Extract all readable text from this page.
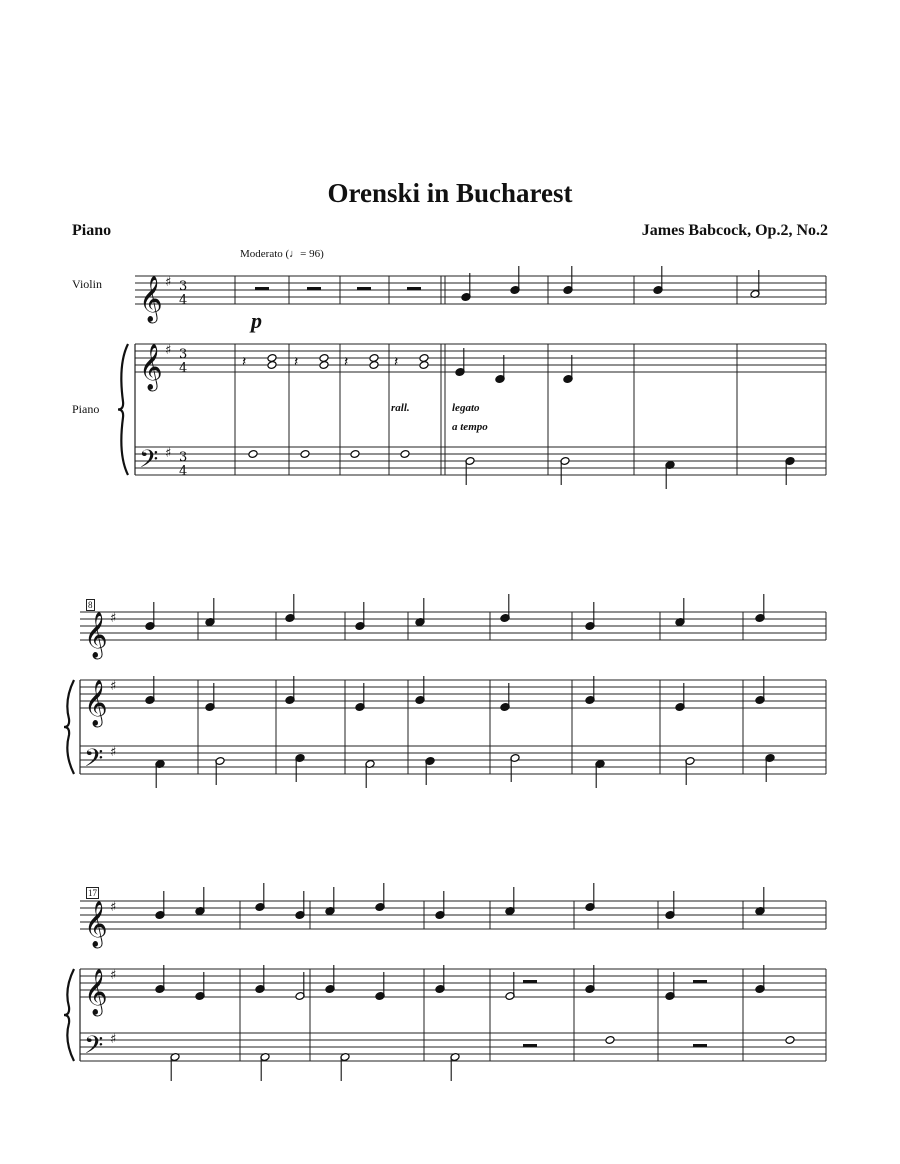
Orenski in Bucharest
Piano	James Babcock, Op.2, No.2
Moderato (♩= 96)
Violin
Piano
p
rall.	legato
a tempo
8
17
𝄞 ♯
𝄞 ♯
𝄢 ♯
3
4
3
4
3
4
𝄽	𝄽	𝄽	𝄽
𝄞 ♯
𝄞 ♯
𝄢 ♯
𝄞 ♯
𝄞 ♯
𝄢 ♯
